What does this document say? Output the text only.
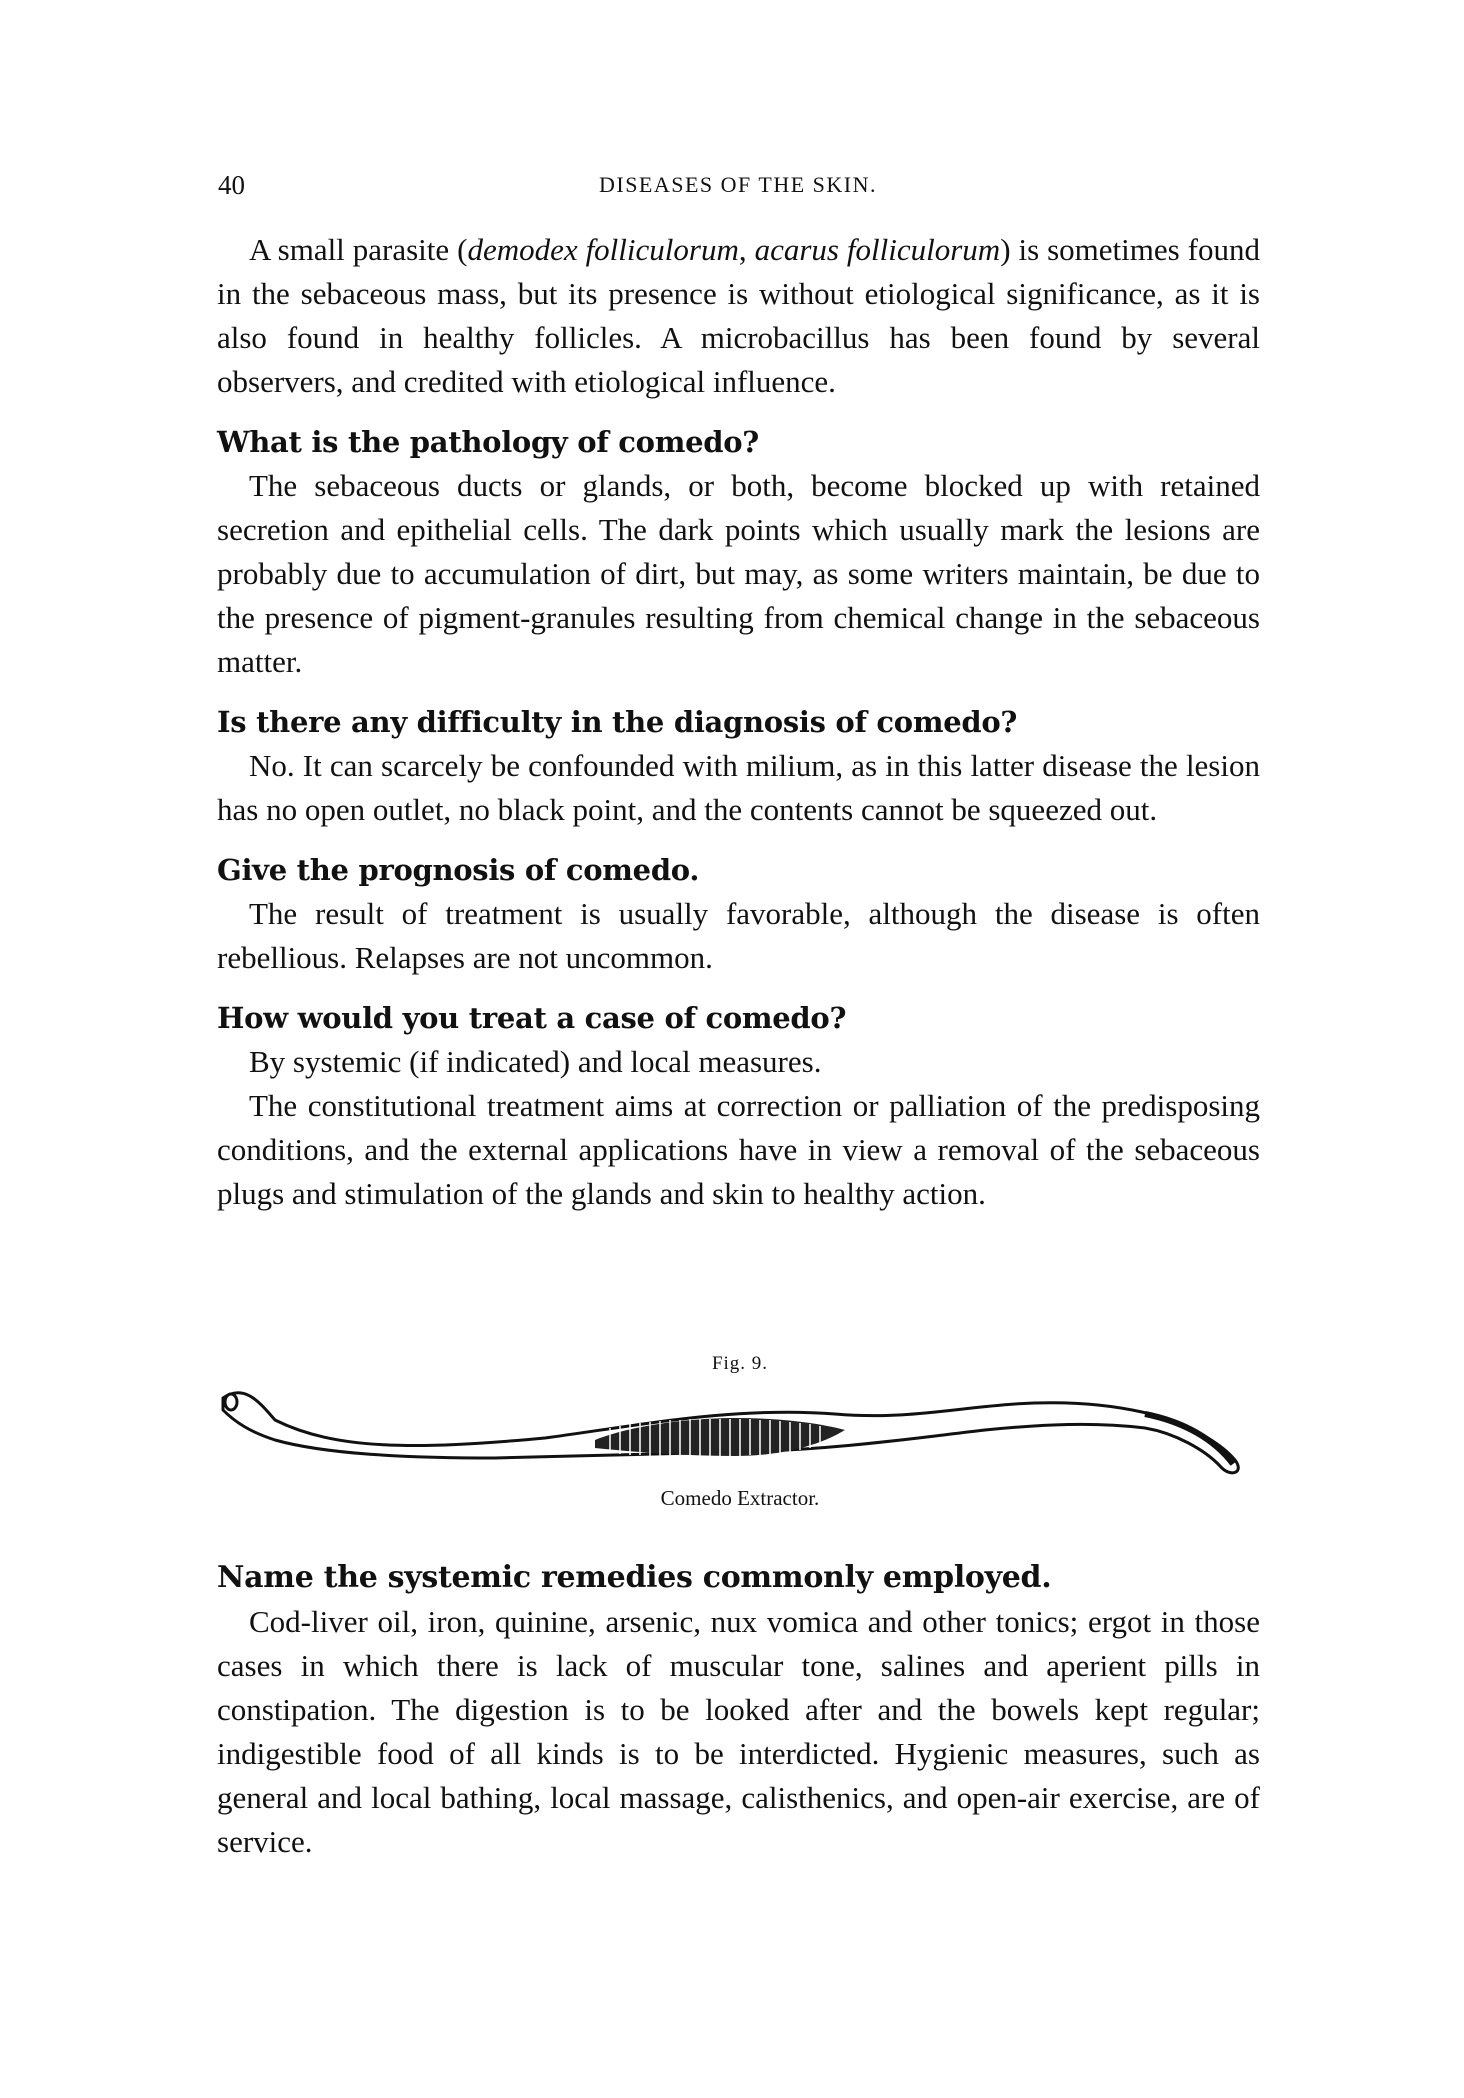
40	DISEASES OF THE SKIN.

A small parasite (demodex folliculorum, acarus folliculorum) is sometimes found in the sebaceous mass, but its presence is without etiological significance, as it is also found in healthy follicles. A microbacillus has been found by several observers, and credited with etiological influence.

What is the pathology of comedo?

The sebaceous ducts or glands, or both, become blocked up with retained secretion and epithelial cells. The dark points which usually mark the lesions are probably due to accumulation of dirt, but may, as some writers maintain, be due to the presence of pigment-granules resulting from chemical change in the sebaceous matter.

Is there any difficulty in the diagnosis of comedo?

No. It can scarcely be confounded with milium, as in this latter disease the lesion has no open outlet, no black point, and the contents cannot be squeezed out.

Give the prognosis of comedo.

The result of treatment is usually favorable, although the disease is often rebellious. Relapses are not uncommon.

How would you treat a case of comedo?

By systemic (if indicated) and local measures.

The constitutional treatment aims at correction or palliation of the predisposing conditions, and the external applications have in view a removal of the sebaceous plugs and stimulation of the glands and skin to healthy action.

Fig. 9.
Comedo Extractor.
Name the systemic remedies commonly employed.

Cod-liver oil, iron, quinine, arsenic, nux vomica and other tonics; ergot in those cases in which there is lack of muscular tone, salines and aperient pills in constipation. The digestion is to be looked after and the bowels kept regular; indigestible food of all kinds is to be interdicted. Hygienic measures, such as general and local bathing, local massage, calisthenics, and open-air exercise, are of service.
